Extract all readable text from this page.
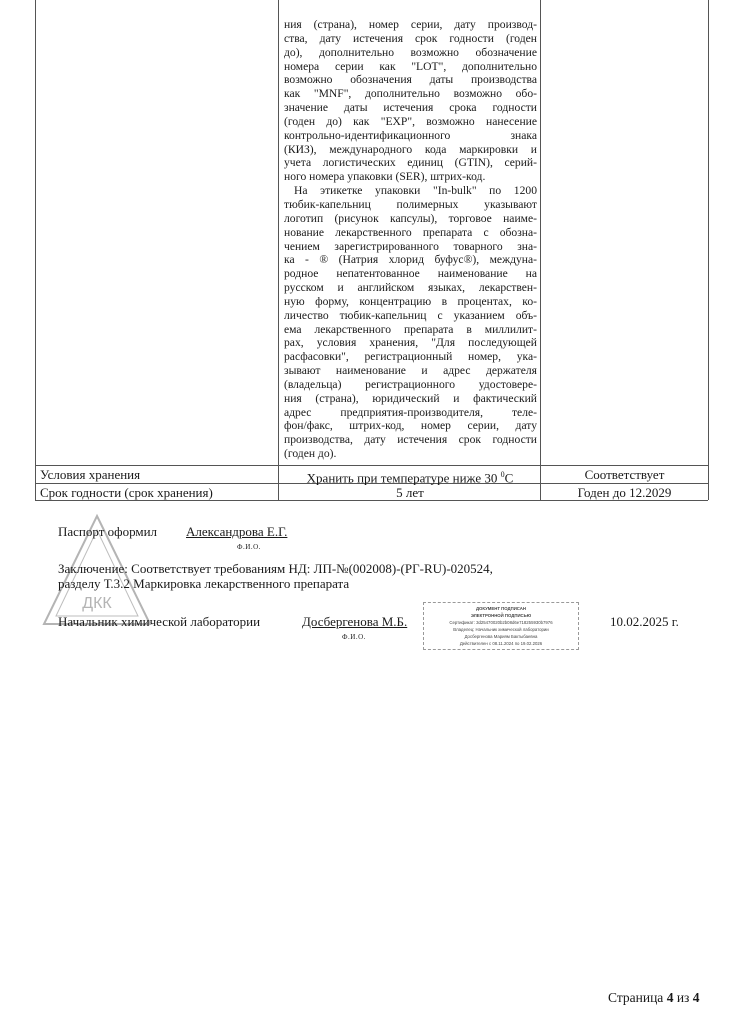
ния (страна), номер серии, дату производ-
ства, дату истечения срок годности (годен
до), дополнительно возможно обозначение
номера серии как "LOT", дополнительно
возможно обозначения даты производства
как "MNF", дополнительно возможно обо-
значение даты истечения срока годности
(годен до) как "EXP", возможно нанесение
контрольно-идентификационного знака
(КИЗ), международного кода маркировки и
учета логистических единиц (GTIN), серий-
ного номера упаковки (SER), штрих-код.
На этикетке упаковки "In-bulk" по 1200
тюбик-капельниц полимерных указывают
логотип (рисунок капсулы), торговое наиме-
нование лекарственного препарата с обозна-
чением зарегистрированного товарного зна-
ка - ® (Натрия хлорид буфус®), междуна-
родное непатентованное наименование на
русском и английском языках, лекарствен-
ную форму, концентрацию в процентах, ко-
личество тюбик-капельниц с указанием объ-
ема лекарственного препарата в миллилит-
рах, условия хранения, "Для последующей
расфасовки", регистрационный номер, ука-
зывают наименование и адрес держателя
(владельца) регистрационного удостовере-
ния (страна), юридический и фактический
адрес предприятия-производителя, теле-
фон/факс, штрих-код, номер серии, дату
производства, дату истечения срок годности
(годен до).
Условия хранения	Хранить при температуре ниже 30 $^0$С	Соответствует
Срок годности (срок хранения)	5 лет	Годен до 12.2029
ДКК
Паспорт оформил Александрова Е.Г.
Ф.И.О.
Заключение: Соответствует требованиям НД: ЛП-№(002008)-(РГ-RU)-020524,
разделу Т.3.2 Маркировка лекарственного препарата
Начальник химической лаборатории	Досбергенова М.Б.
Ф.И.О.
ДОКУМЕНТ ПОДПИСАН
ЭЛЕКТРОННОЙ ПОДПИСЬЮ
Сертификат: 3d25470020b2b08d6e718255930b7976
Владелец: Начальник химической лаборатории
Досбергенова Мариям Бактыбаевна
Действителен с 08.11.2024 по 19.02.2026
10.02.2025 г.
Страница 4 из 4
